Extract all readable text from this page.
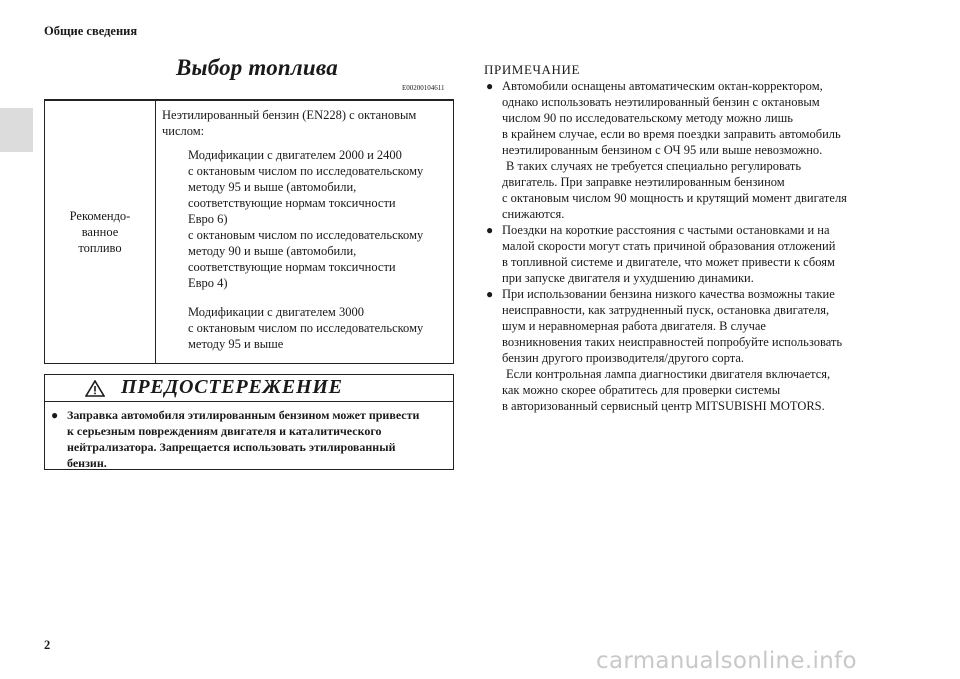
Общие сведения
Выбор топлива
E00200104611
Рекомендо-
ванное
топливо

Неэтилированный бензин (EN228) с октановым

числом:

Модификации с двигателем 2000 и 2400

с октановым числом по исследовательскому

методу 95 и выше (автомобили,

соответствующие нормам токсичности

Евро 6)

с октановым числом по исследовательскому

методу 90 и выше (автомобили,

соответствующие нормам токсичности

Евро 4)

Модификации с двигателем 3000

с октановым числом по исследовательскому

методу 95 и выше

ПРЕДОСТЕРЕЖЕНИЕ
● Заправка автомобиля этилированным бензином может привести
к серьезным повреждениям двигателя и каталитического
нейтрализатора. Запрещается использовать этилированный
бензин.
ПРИМЕЧАНИЕ
● Автомобили оснащены автоматическим октан-корректором,

однако использовать неэтилированный бензин с октановым

числом 90 по исследовательскому методу можно лишь

в крайнем случае, если во время поездки заправить автомобиль

неэтилированным бензином с ОЧ 95 или выше невозможно.

В таких случаях не требуется специально регулировать

двигатель. При заправке неэтилированным бензином

с октановым числом 90 мощность и крутящий момент двигателя

снижаются.

● Поездки на короткие расстояния с частыми остановками и на

малой скорости могут стать причиной образования отложений

в топливной системе и двигателе, что может привести к сбоям

при запуске двигателя и ухудшению динамики.

● При использовании бензина низкого качества возможны такие

неисправности, как затрудненный пуск, остановка двигателя,

шум и неравномерная работа двигателя. В случае

возникновения таких неисправностей попробуйте использовать

бензин другого производителя/другого сорта.

Если контрольная лампа диагностики двигателя включается,

как можно скорее обратитесь для проверки системы

в авторизованный сервисный центр MITSUBISHI MOTORS.

2
carmanualsonline.info
